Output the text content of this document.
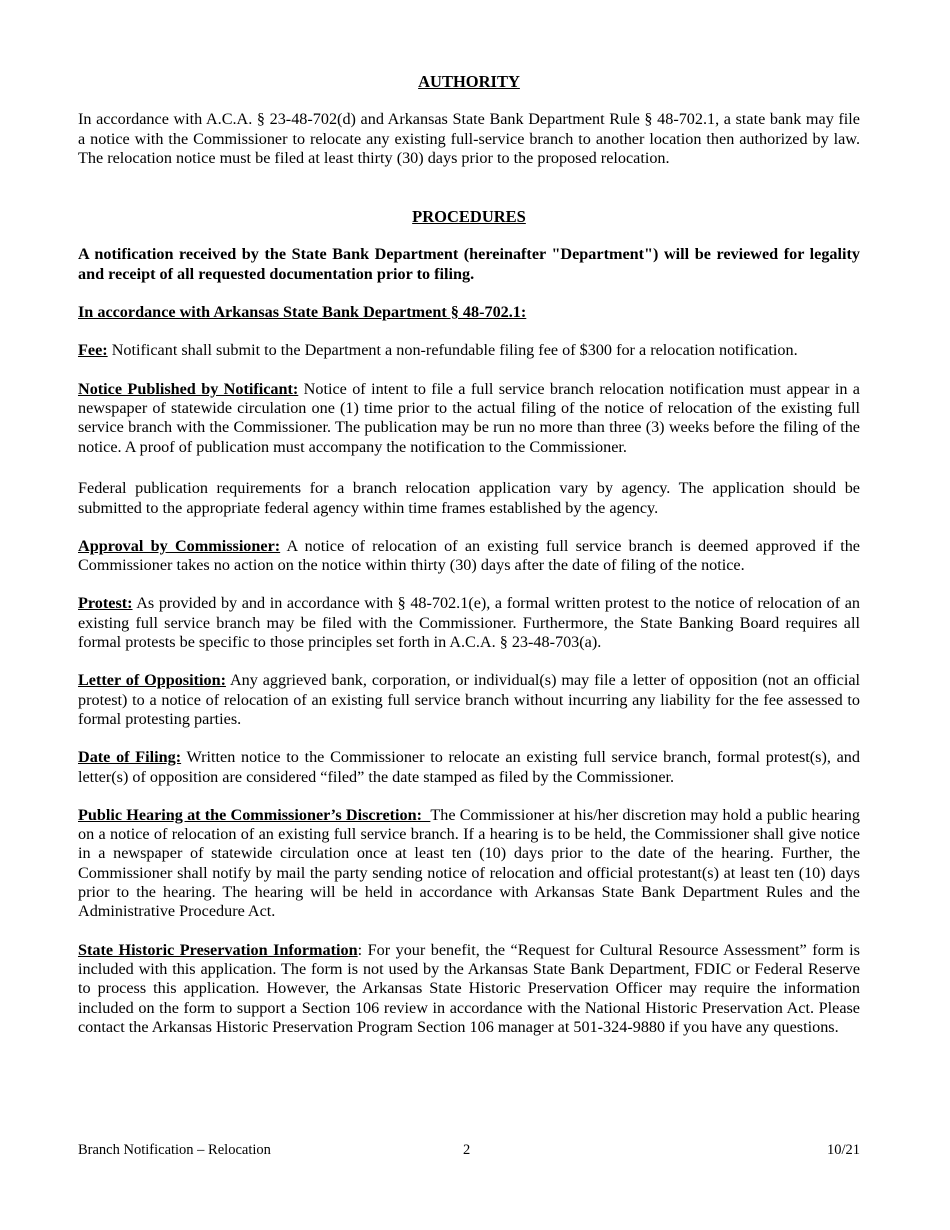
AUTHORITY

In accordance with A.C.A. § 23-48-702(d) and Arkansas State Bank Department Rule § 48-702.1, a state bank may file a notice with the Commissioner to relocate any existing full-service branch to another location then authorized by law. The relocation notice must be filed at least thirty (30) days prior to the proposed relocation.

PROCEDURES

A notification received by the State Bank Department (hereinafter "Department") will be reviewed for legality and receipt of all requested documentation prior to filing.

In accordance with Arkansas State Bank Department § 48-702.1:

Fee: Notificant shall submit to the Department a non-refundable filing fee of $300 for a relocation notification.

Notice Published by Notificant: Notice of intent to file a full service branch relocation notification must appear in a newspaper of statewide circulation one (1) time prior to the actual filing of the notice of relocation of the existing full service branch with the Commissioner. The publication may be run no more than three (3) weeks before the filing of the notice. A proof of publication must accompany the notification to the Commissioner.

Federal publication requirements for a branch relocation application vary by agency. The application should be submitted to the appropriate federal agency within time frames established by the agency.

Approval by Commissioner: A notice of relocation of an existing full service branch is deemed approved if the Commissioner takes no action on the notice within thirty (30) days after the date of filing of the notice.

Protest: As provided by and in accordance with § 48-702.1(e), a formal written protest to the notice of relocation of an existing full service branch may be filed with the Commissioner. Furthermore, the State Banking Board requires all formal protests be specific to those principles set forth in A.C.A. § 23-48-703(a).

Letter of Opposition: Any aggrieved bank, corporation, or individual(s) may file a letter of opposition (not an official protest) to a notice of relocation of an existing full service branch without incurring any liability for the fee assessed to formal protesting parties.

Date of Filing: Written notice to the Commissioner to relocate an existing full service branch, formal protest(s), and letter(s) of opposition are considered “filed” the date stamped as filed by the Commissioner.

Public Hearing at the Commissioner’s Discretion:  The Commissioner at his/her discretion may hold a public hearing on a notice of relocation of an existing full service branch. If a hearing is to be held, the Commissioner shall give notice in a newspaper of statewide circulation once at least ten (10) days prior to the date of the hearing. Further, the Commissioner shall notify by mail the party sending notice of relocation and official protestant(s) at least ten (10) days prior to the hearing. The hearing will be held in accordance with Arkansas State Bank Department Rules and the Administrative Procedure Act.

State Historic Preservation Information: For your benefit, the “Request for Cultural Resource Assessment” form is included with this application. The form is not used by the Arkansas State Bank Department, FDIC or Federal Reserve to process this application. However, the Arkansas State Historic Preservation Officer may require the information included on the form to support a Section 106 review in accordance with the National Historic Preservation Act. Please contact the Arkansas Historic Preservation Program Section 106 manager at 501-324-9880 if you have any questions.

Branch Notification – Relocation	2	10/21
